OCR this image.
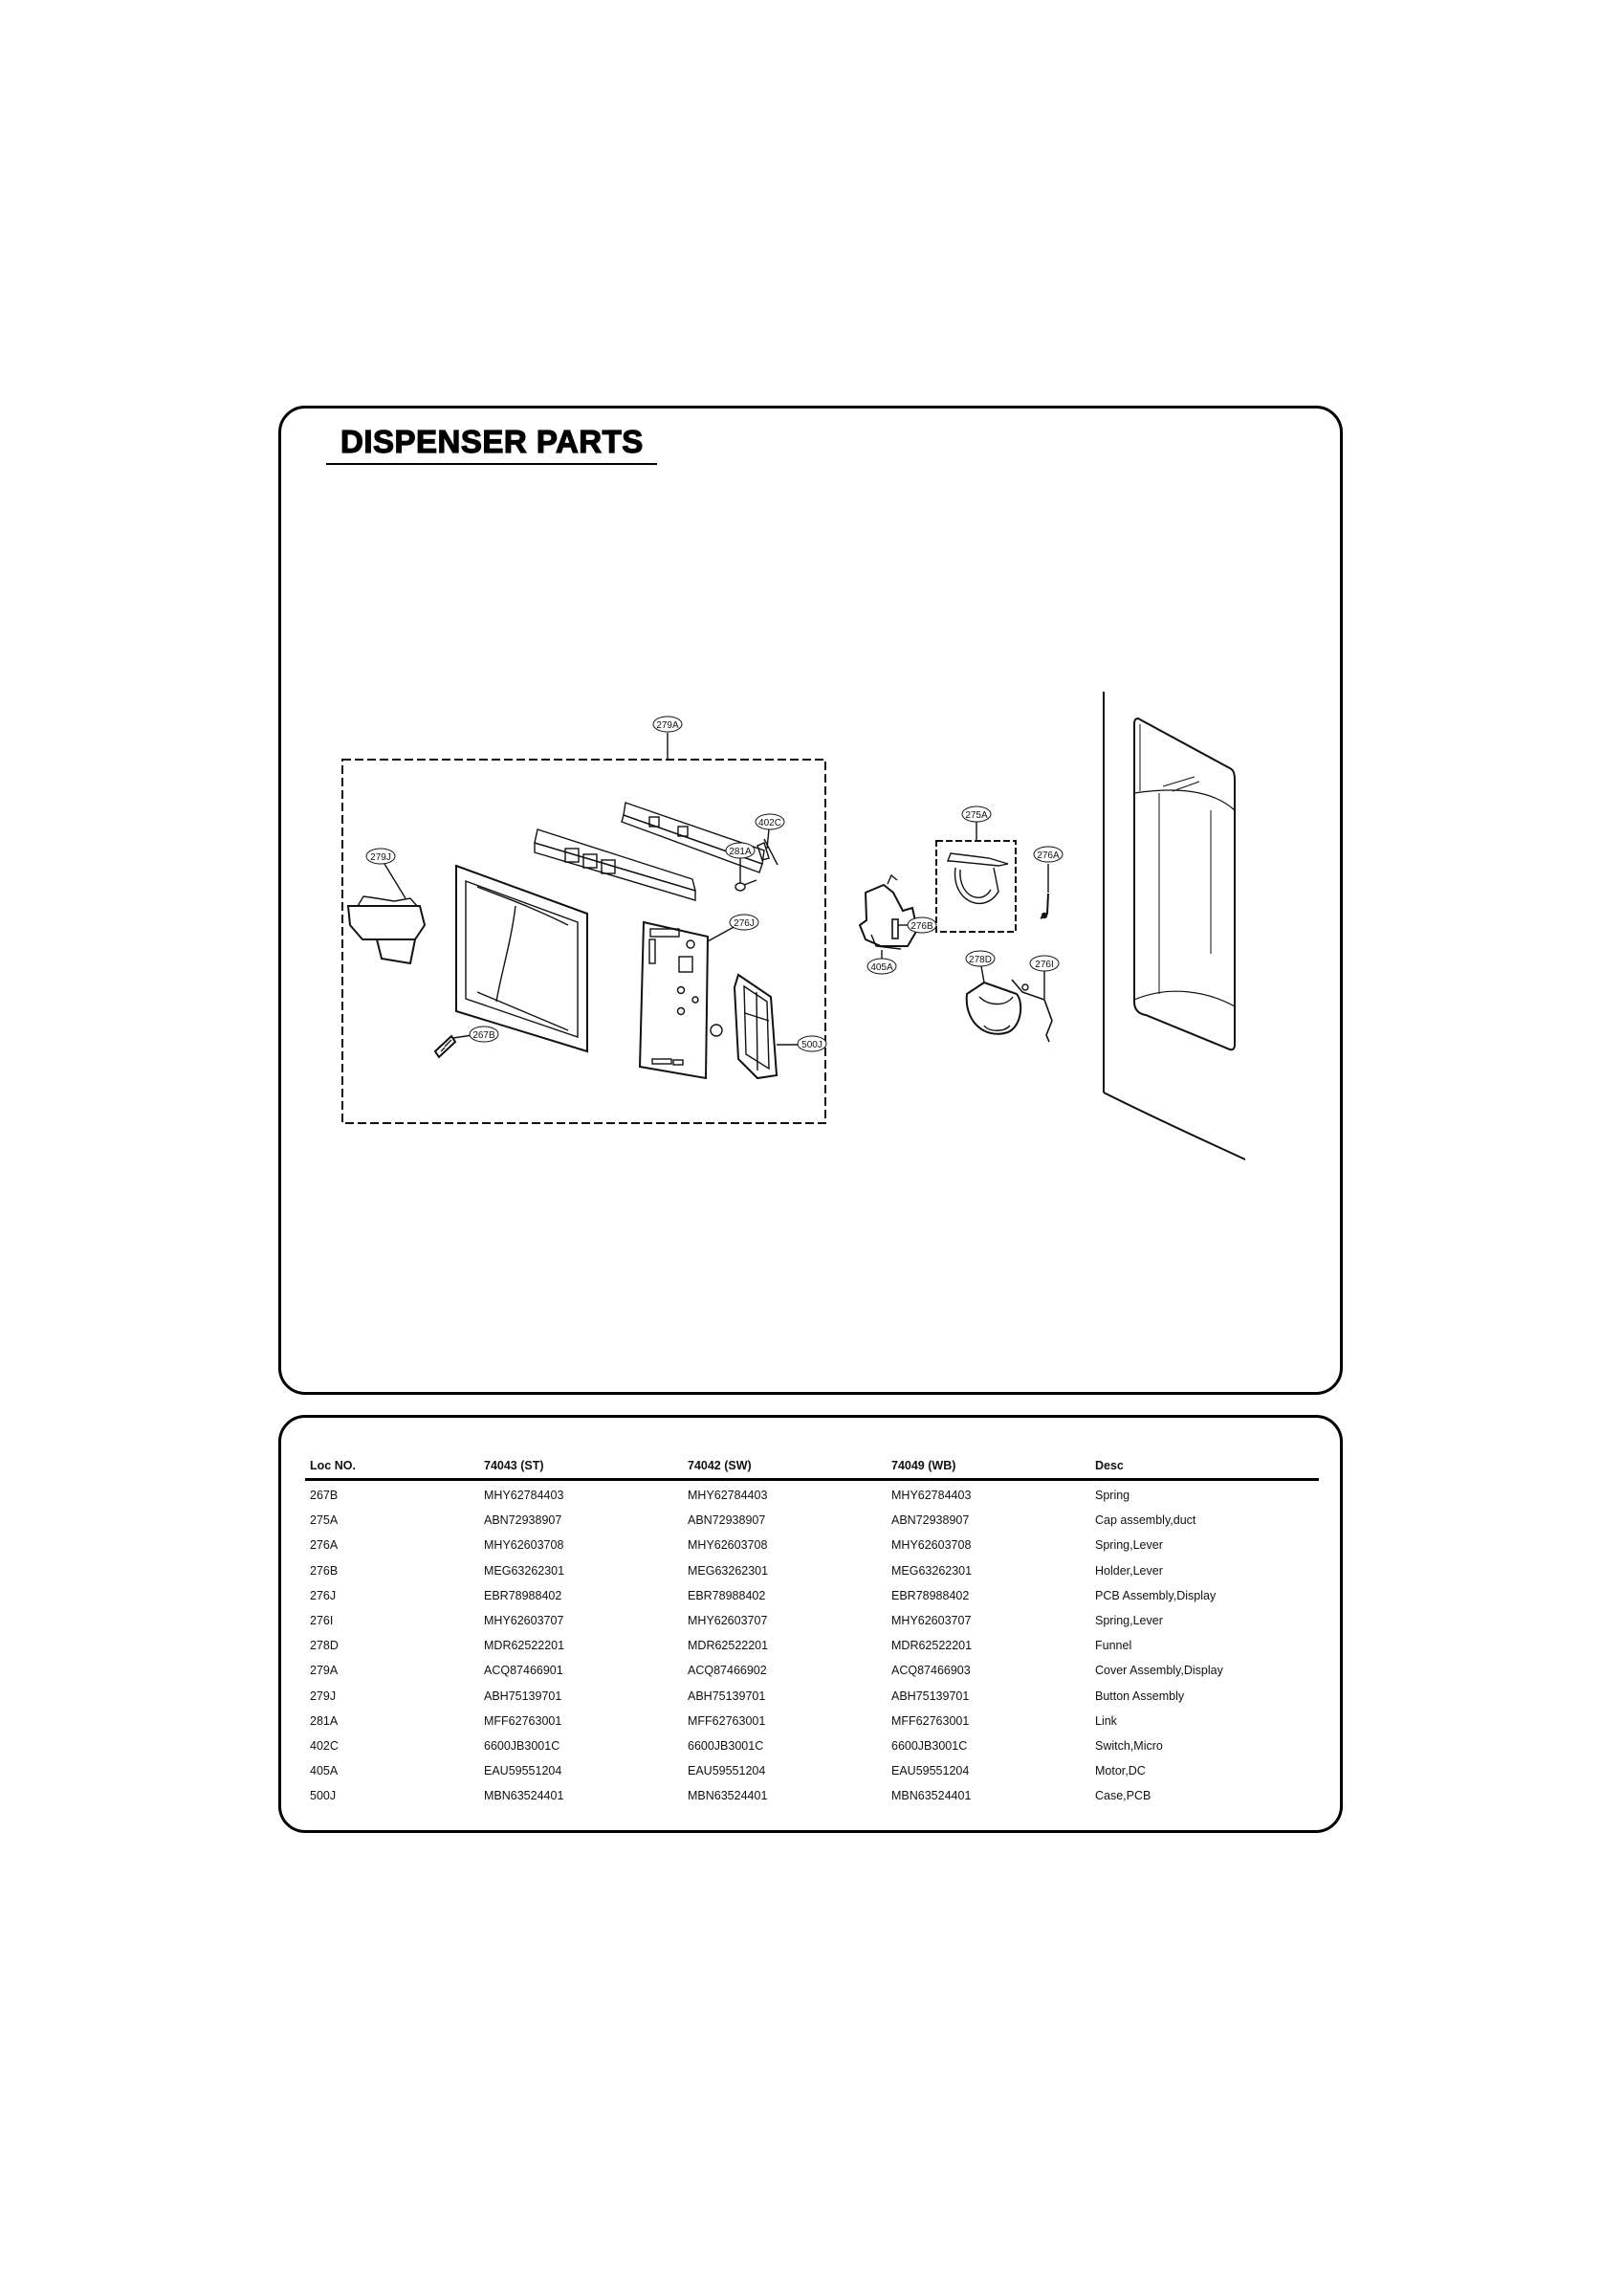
DISPENSER PARTS
279A
279J
402C
281A
276J
267B
500J
276B
275A
276A
405A
278D	276I
Loc NO.	74043 (ST)	74042 (SW)	74049 (WB)	Desc
267B	MHY62784403	MHY62784403	MHY62784403	Spring
275A	ABN72938907	ABN72938907	ABN72938907	Cap assembly,duct
276A	MHY62603708	MHY62603708	MHY62603708	Spring,Lever
276B	MEG63262301	MEG63262301	MEG63262301	Holder,Lever
276J	EBR78988402	EBR78988402	EBR78988402	PCB Assembly,Display
276I	MHY62603707	MHY62603707	MHY62603707	Spring,Lever
278D	MDR62522201	MDR62522201	MDR62522201	Funnel
279A	ACQ87466901	ACQ87466902	ACQ87466903	Cover Assembly,Display
279J	ABH75139701	ABH75139701	ABH75139701	Button Assembly
281A	MFF62763001	MFF62763001	MFF62763001	Link
402C	6600JB3001C	6600JB3001C	6600JB3001C	Switch,Micro
405A	EAU59551204	EAU59551204	EAU59551204	Motor,DC
500J	MBN63524401	MBN63524401	MBN63524401	Case,PCB
